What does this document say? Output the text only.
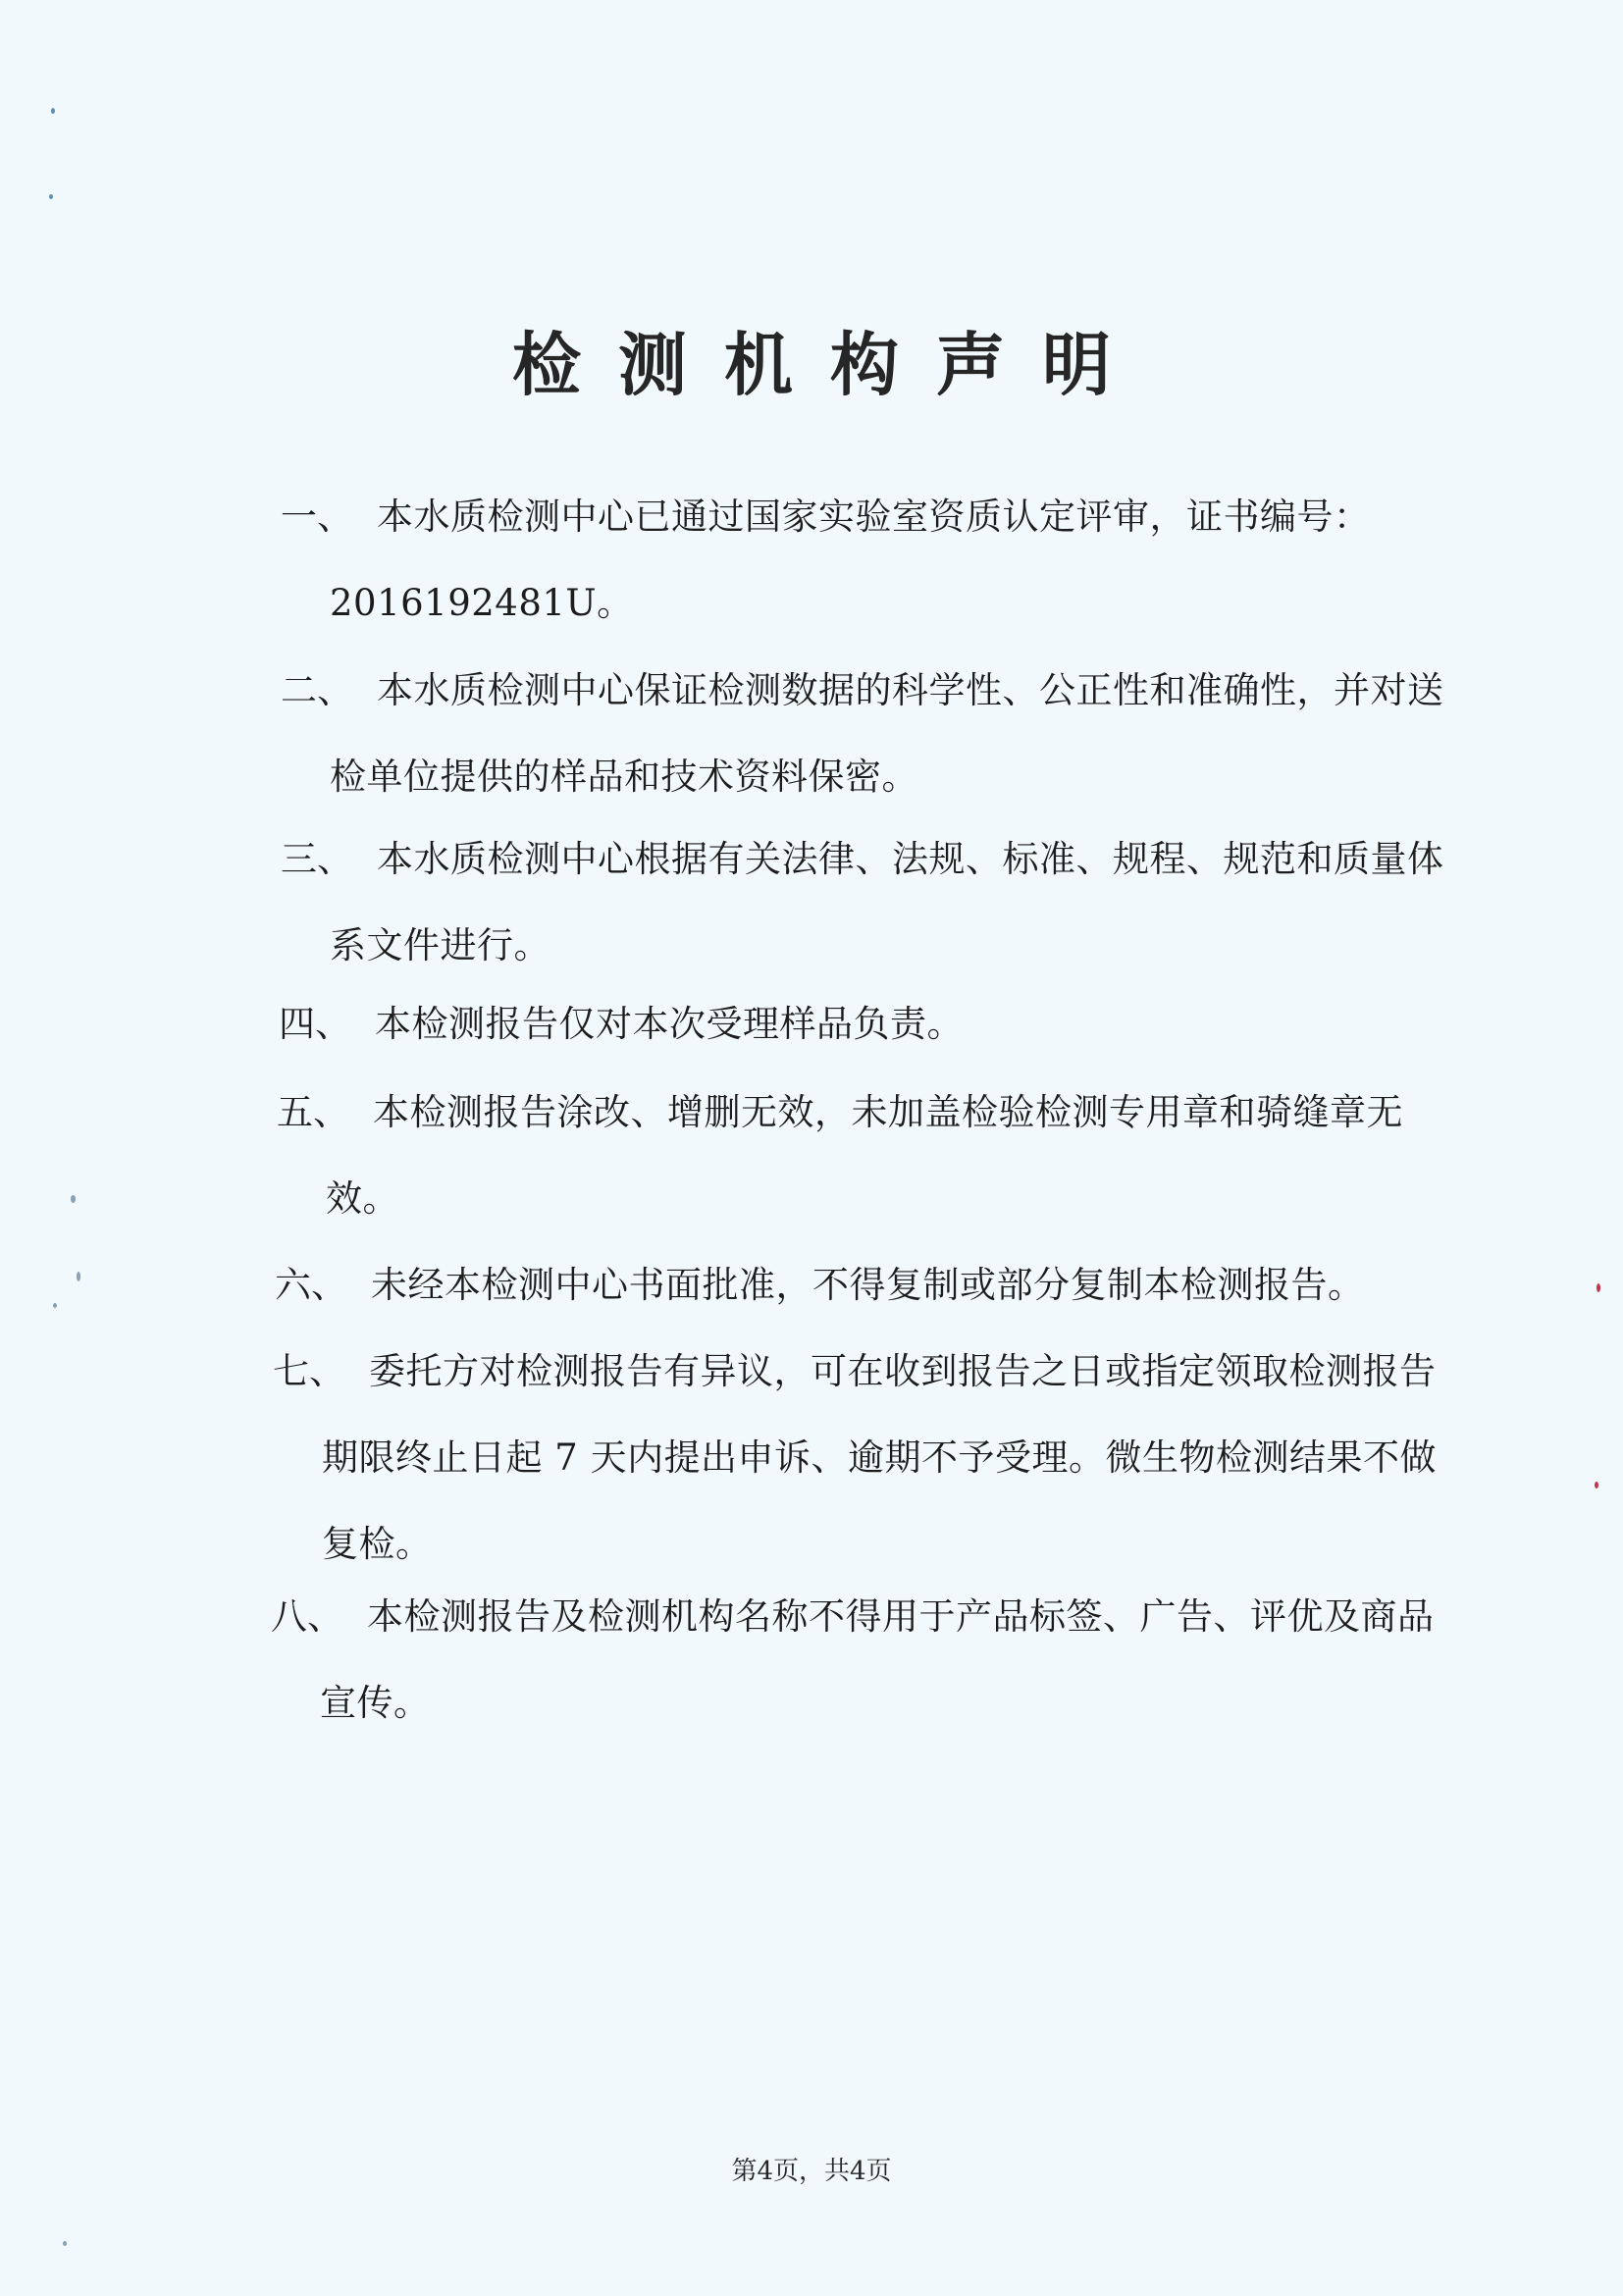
检测机构声明
一、 本水质检测中心已通过国家实验室资质认定评审，证书编号：2016192481U。
二、 本水质检测中心保证检测数据的科学性、公正性和准确性，并对送检单位提供的样品和技术资料保密。
三、 本水质检测中心根据有关法律、法规、标准、规程、规范和质量体系文件进行。
四、 本检测报告仅对本次受理样品负责。
五、 本检测报告涂改、增删无效，未加盖检验检测专用章和骑缝章无效。
六、 未经本检测中心书面批准，不得复制或部分复制本检测报告。
七、 委托方对检测报告有异议，可在收到报告之日或指定领取检测报告期限终止日起 7 天内提出申诉、逾期不予受理。微生物检测结果不做复检。
八、 本检测报告及检测机构名称不得用于产品标签、广告、评优及商品宣传。
第4页，共4页
